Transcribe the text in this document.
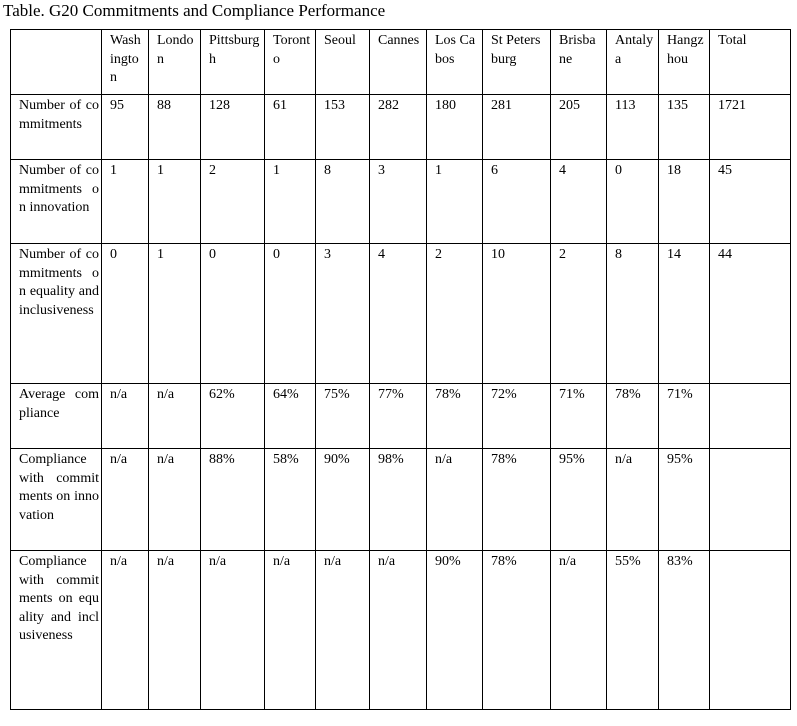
Table. G20 Commitments and Compliance Performance
	Washington	London	Pittsburgh	Toronto	Seoul	Cannes	Los Cabos	St Petersburg	Brisbane	Antalya	Hangzhou	Total
Number of commitments	95	88	128	61	153	282	180	281	205	113	135	1721
Number of commitments on innovation	1	1	2	1	8	3	1	6	4	0	18	45
Number of commitments on equality and inclusiveness	0	1	0	0	3	4	2	10	2	8	14	44
Average compliance	n/a	n/a	62%	64%	75%	77%	78%	72%	71%	78%	71%	
Compliance with commitments on innovation	n/a	n/a	88%	58%	90%	98%	n/a	78%	95%	n/a	95%	
Compliance with commitments on equality and inclusiveness	n/a	n/a	n/a	n/a	n/a	n/a	90%	78%	n/a	55%	83%	
